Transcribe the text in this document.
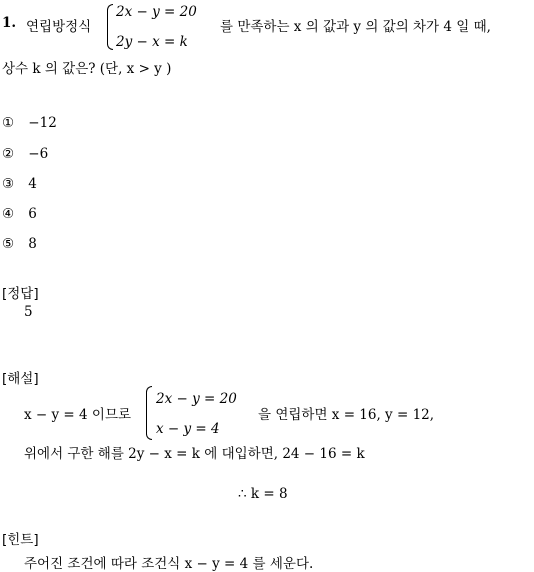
1. 연립방정식
2x − y = 20
2y − x = k
를 만족하는 x 의 값과 y 의 값의 차가 4 일 때,
상수 k 의 값은? (단, x > y )
① −12
② −6
③ 4
④ 6
⑤ 8
[정답]
5
[해설]
x − y = 4 이므로
2x − y = 20
x − y = 4
을 연립하면 x = 16, y = 12,
위에서 구한 해를 2y − x = k 에 대입하면, 24 − 16 = k
∴ k = 8
[힌트]
주어진 조건에 따라 조건식 x − y = 4 를 세운다.
